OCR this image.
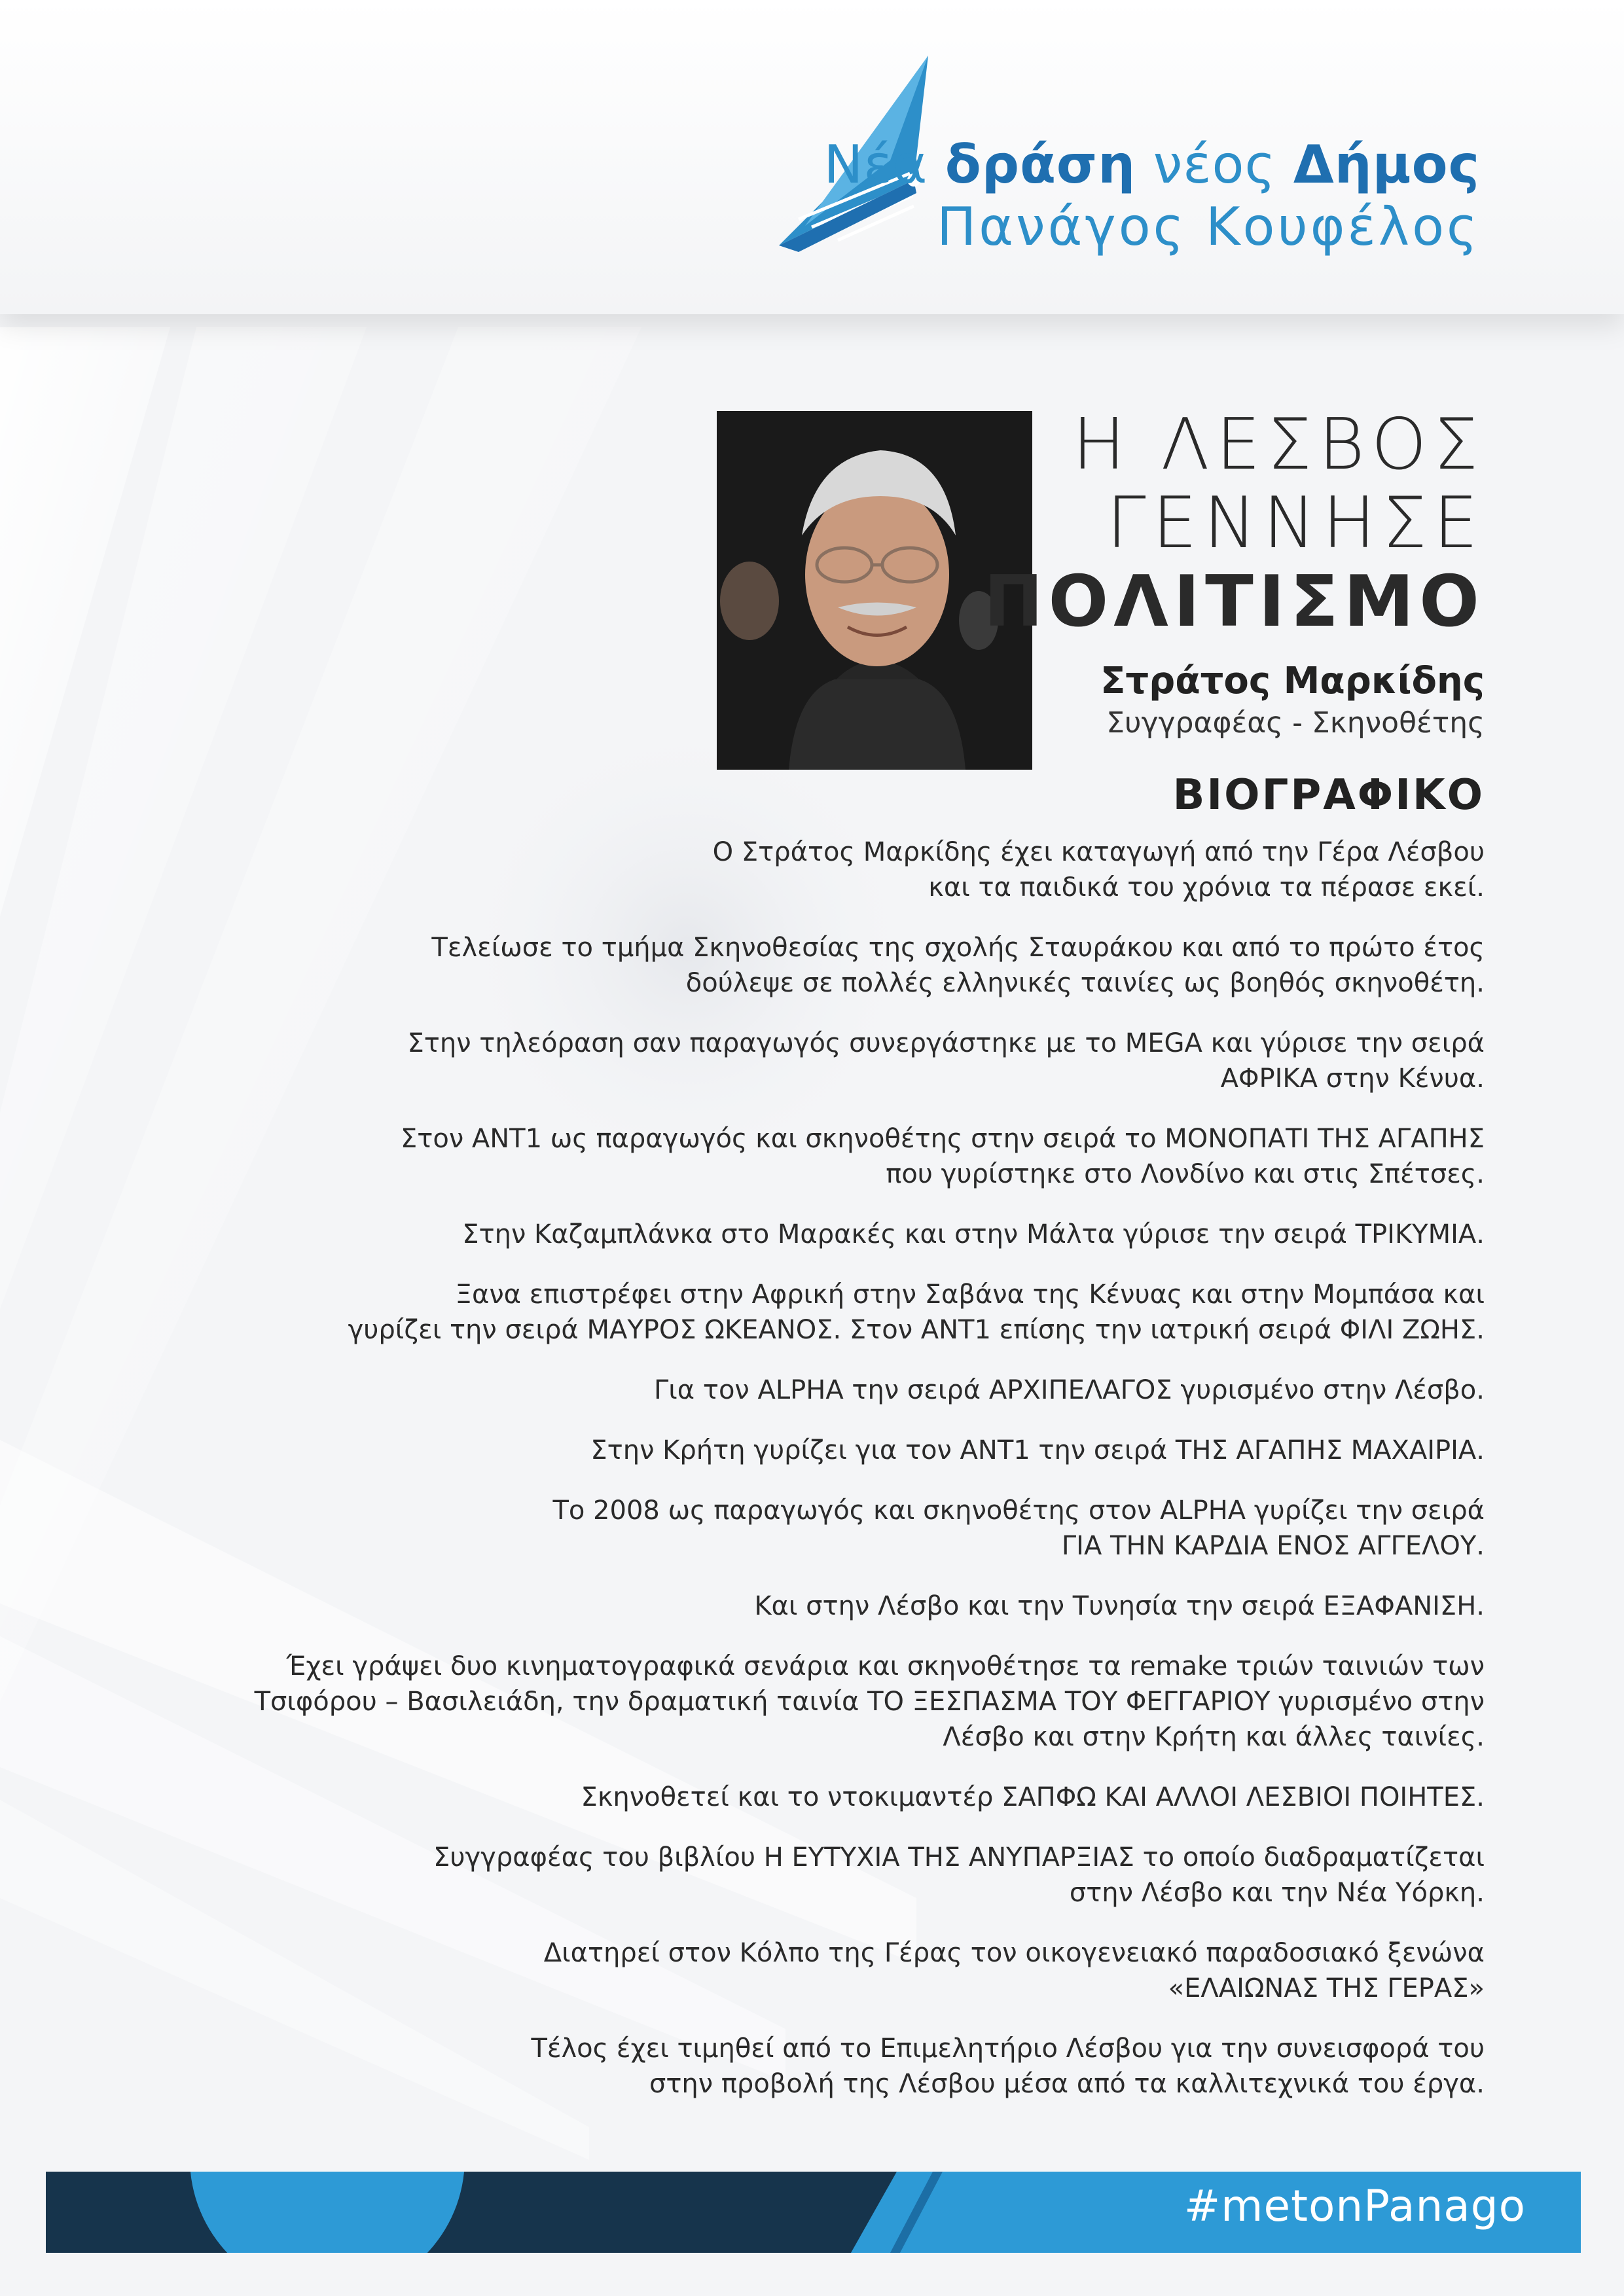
Νέα δράση νέος Δήμος
Πανάγος Κουφέλος
Η ΛΕΣΒΟΣ
ΓΕΝΝΗΣΕ
ΠΟΛΙΤΙΣΜΟ
Στράτος Μαρκίδης
Συγγραφέας - Σκηνοθέτης
ΒΙΟΓΡΑΦΙΚΟ

Ο Στράτος Μαρκίδης έχει καταγωγή από την Γέρα Λέσβου
και τα παιδικά του χρόνια τα πέρασε εκεί.

Τελείωσε το τμήμα Σκηνοθεσίας της σχολής Σταυράκου και από το πρώτο έτος
δούλεψε σε πολλές ελληνικές ταινίες ως βοηθός σκηνοθέτη.

Στην τηλεόραση σαν παραγωγός συνεργάστηκε με το MEGA και γύρισε την σειρά
ΑΦΡΙΚΑ στην Κένυα.

Στον ΑΝΤ1 ως παραγωγός και σκηνοθέτης στην σειρά το ΜΟΝΟΠΑΤΙ ΤΗΣ ΑΓΑΠΗΣ
που γυρίστηκε στο Λονδίνο και στις Σπέτσες.

Στην Καζαμπλάνκα στο Μαρακές και στην Μάλτα γύρισε την σειρά ΤΡΙΚΥΜΙΑ.

Ξανα επιστρέφει στην Αφρική στην Σαβάνα της Κένυας και στην Μομπάσα και
γυρίζει την σειρά ΜΑΥΡΟΣ ΩΚΕΑΝΟΣ. Στον ΑΝΤ1 επίσης την ιατρική σειρά ΦΙΛΙ ΖΩΗΣ.

Για τον ALPHA την σειρά ΑΡΧΙΠΕΛΑΓΟΣ γυρισμένο στην Λέσβο.

Στην Κρήτη γυρίζει για τον ΑΝΤ1 την σειρά ΤΗΣ ΑΓΑΠΗΣ ΜΑΧΑΙΡΙΑ.

Το 2008 ως παραγωγός και σκηνοθέτης στον ALPHA γυρίζει την σειρά
ΓΙΑ ΤΗΝ ΚΑΡΔΙΑ ΕΝΟΣ ΑΓΓΕΛΟΥ.

Και στην Λέσβο και την Τυνησία την σειρά ΕΞΑΦΑΝΙΣΗ.

Έχει γράψει δυο κινηματογραφικά σενάρια και σκηνοθέτησε τα remake τριών ταινιών των
Τσιφόρου – Βασιλειάδη, την δραματική ταινία ΤΟ ΞΕΣΠΑΣΜΑ ΤΟΥ ΦΕΓΓΑΡΙΟΥ γυρισμένο στην
Λέσβο και στην Κρήτη και άλλες ταινίες.

Σκηνοθετεί και το ντοκιμαντέρ ΣΑΠΦΩ ΚΑΙ ΑΛΛΟΙ ΛΕΣΒΙΟΙ ΠΟΙΗΤΕΣ.

Συγγραφέας του βιβλίου Η ΕΥΤΥΧΙΑ ΤΗΣ ΑΝΥΠΑΡΞΙΑΣ το οποίο διαδραματίζεται
στην Λέσβο και την Νέα Υόρκη.

Διατηρεί στον Κόλπο της Γέρας τον οικογενειακό παραδοσιακό ξενώνα
«ΕΛΑΙΩΝΑΣ ΤΗΣ ΓΕΡΑΣ»

Τέλος έχει τιμηθεί από το Επιμελητήριο Λέσβου για την συνεισφορά του
στην προβολή της Λέσβου μέσα από τα καλλιτεχνικά του έργα.

#metonPanago
